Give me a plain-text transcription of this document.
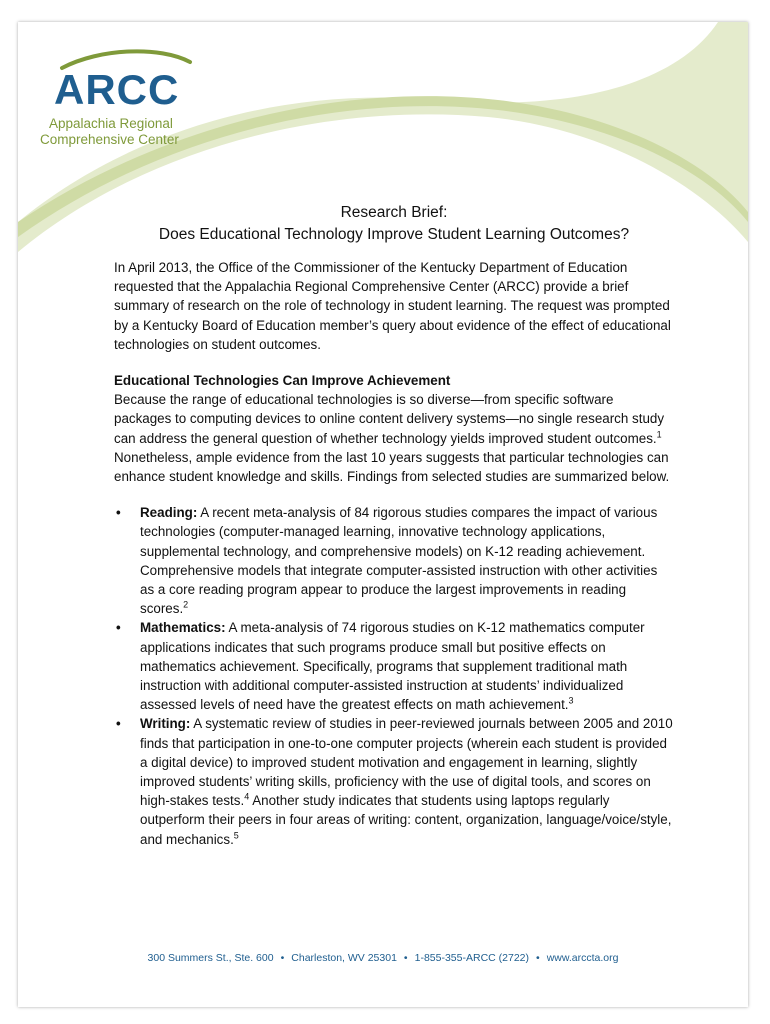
ARCC
Appalachia Regional
Comprehensive Center
Research Brief:
Does Educational Technology Improve Student Learning Outcomes?

In April 2013, the Office of the Commissioner of the Kentucky Department of Education requested that the Appalachia Regional Comprehensive Center (ARCC) provide a brief summary of research on the role of technology in student learning. The request was prompted by a Kentucky Board of Education member’s query about evidence of the effect of educational technologies on student outcomes.

Educational Technologies Can Improve Achievement

Because the range of educational technologies is so diverse—from specific software packages to computing devices to online content delivery systems—no single research study can address the general question of whether technology yields improved student outcomes.$^1$ Nonetheless, ample evidence from the last 10 years suggests that particular technologies can enhance student knowledge and skills. Findings from selected studies are summarized below.

• Reading: A recent meta-analysis of 84 rigorous studies compares the impact of various technologies (computer-managed learning, innovative technology applications, supplemental technology, and comprehensive models) on K-12 reading achievement. Comprehensive models that integrate computer-assisted instruction with other activities as a core reading program appear to produce the largest improvements in reading scores.$^2$
• Mathematics: A meta-analysis of 74 rigorous studies on K-12 mathematics computer applications indicates that such programs produce small but positive effects on mathematics achievement. Specifically, programs that supplement traditional math instruction with additional computer-assisted instruction at students’ individualized assessed levels of need have the greatest effects on math achievement.$^3$
• Writing: A systematic review of studies in peer-reviewed journals between 2005 and 2010 finds that participation in one-to-one computer projects (wherein each student is provided a digital device) to improved student motivation and engagement in learning, slightly improved students’ writing skills, proficiency with the use of digital tools, and scores on high-stakes tests.$^4$ Another study indicates that students using laptops regularly outperform their peers in four areas of writing: content, organization, language/voice/style, and mechanics.$^5$
300 Summers St., Ste. 600 • Charleston, WV 25301 • 1-855-355-ARCC (2722) • www.arccta.org
